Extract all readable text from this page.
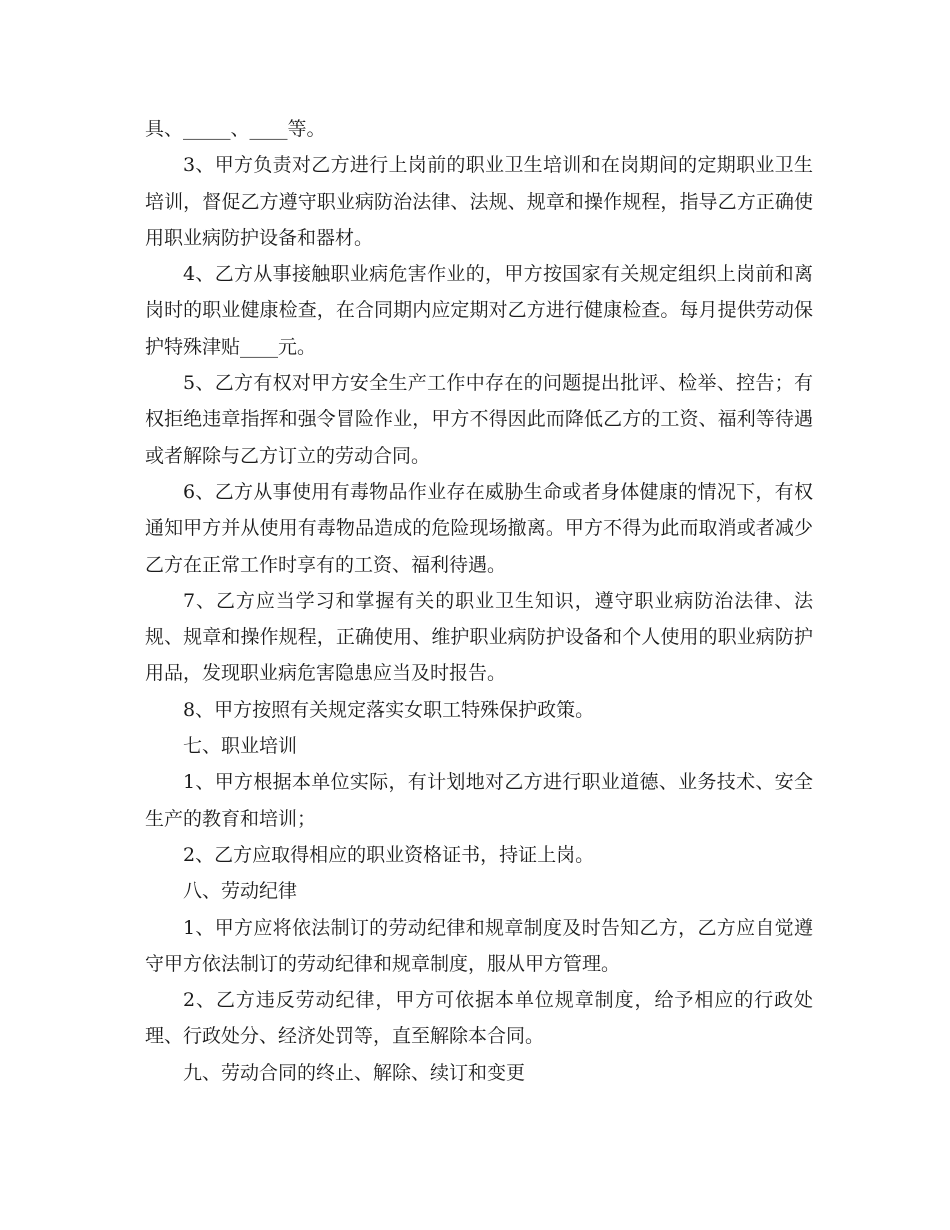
具、_____、____等。

3、甲方负责对乙方进行上岗前的职业卫生培训和在岗期间的定期职业卫生培训，督促乙方遵守职业病防治法律、法规、规章和操作规程，指导乙方正确使用职业病防护设备和器材。

4、乙方从事接触职业病危害作业的，甲方按国家有关规定组织上岗前和离岗时的职业健康检查，在合同期内应定期对乙方进行健康检查。每月提供劳动保护特殊津贴____元。

5、乙方有权对甲方安全生产工作中存在的问题提出批评、检举、控告；有权拒绝违章指挥和强令冒险作业，甲方不得因此而降低乙方的工资、福利等待遇或者解除与乙方订立的劳动合同。

6、乙方从事使用有毒物品作业存在威胁生命或者身体健康的情况下，有权通知甲方并从使用有毒物品造成的危险现场撤离。甲方不得为此而取消或者减少乙方在正常工作时享有的工资、福利待遇。

7、乙方应当学习和掌握有关的职业卫生知识，遵守职业病防治法律、法规、规章和操作规程，正确使用、维护职业病防护设备和个人使用的职业病防护用品，发现职业病危害隐患应当及时报告。

8、甲方按照有关规定落实女职工特殊保护政策。

七、职业培训

1、甲方根据本单位实际，有计划地对乙方进行职业道德、业务技术、安全生产的教育和培训；

2、乙方应取得相应的职业资格证书，持证上岗。

八、劳动纪律

1、甲方应将依法制订的劳动纪律和规章制度及时告知乙方，乙方应自觉遵守甲方依法制订的劳动纪律和规章制度，服从甲方管理。

2、乙方违反劳动纪律，甲方可依据本单位规章制度，给予相应的行政处理、行政处分、经济处罚等，直至解除本合同。

九、劳动合同的终止、解除、续订和变更
